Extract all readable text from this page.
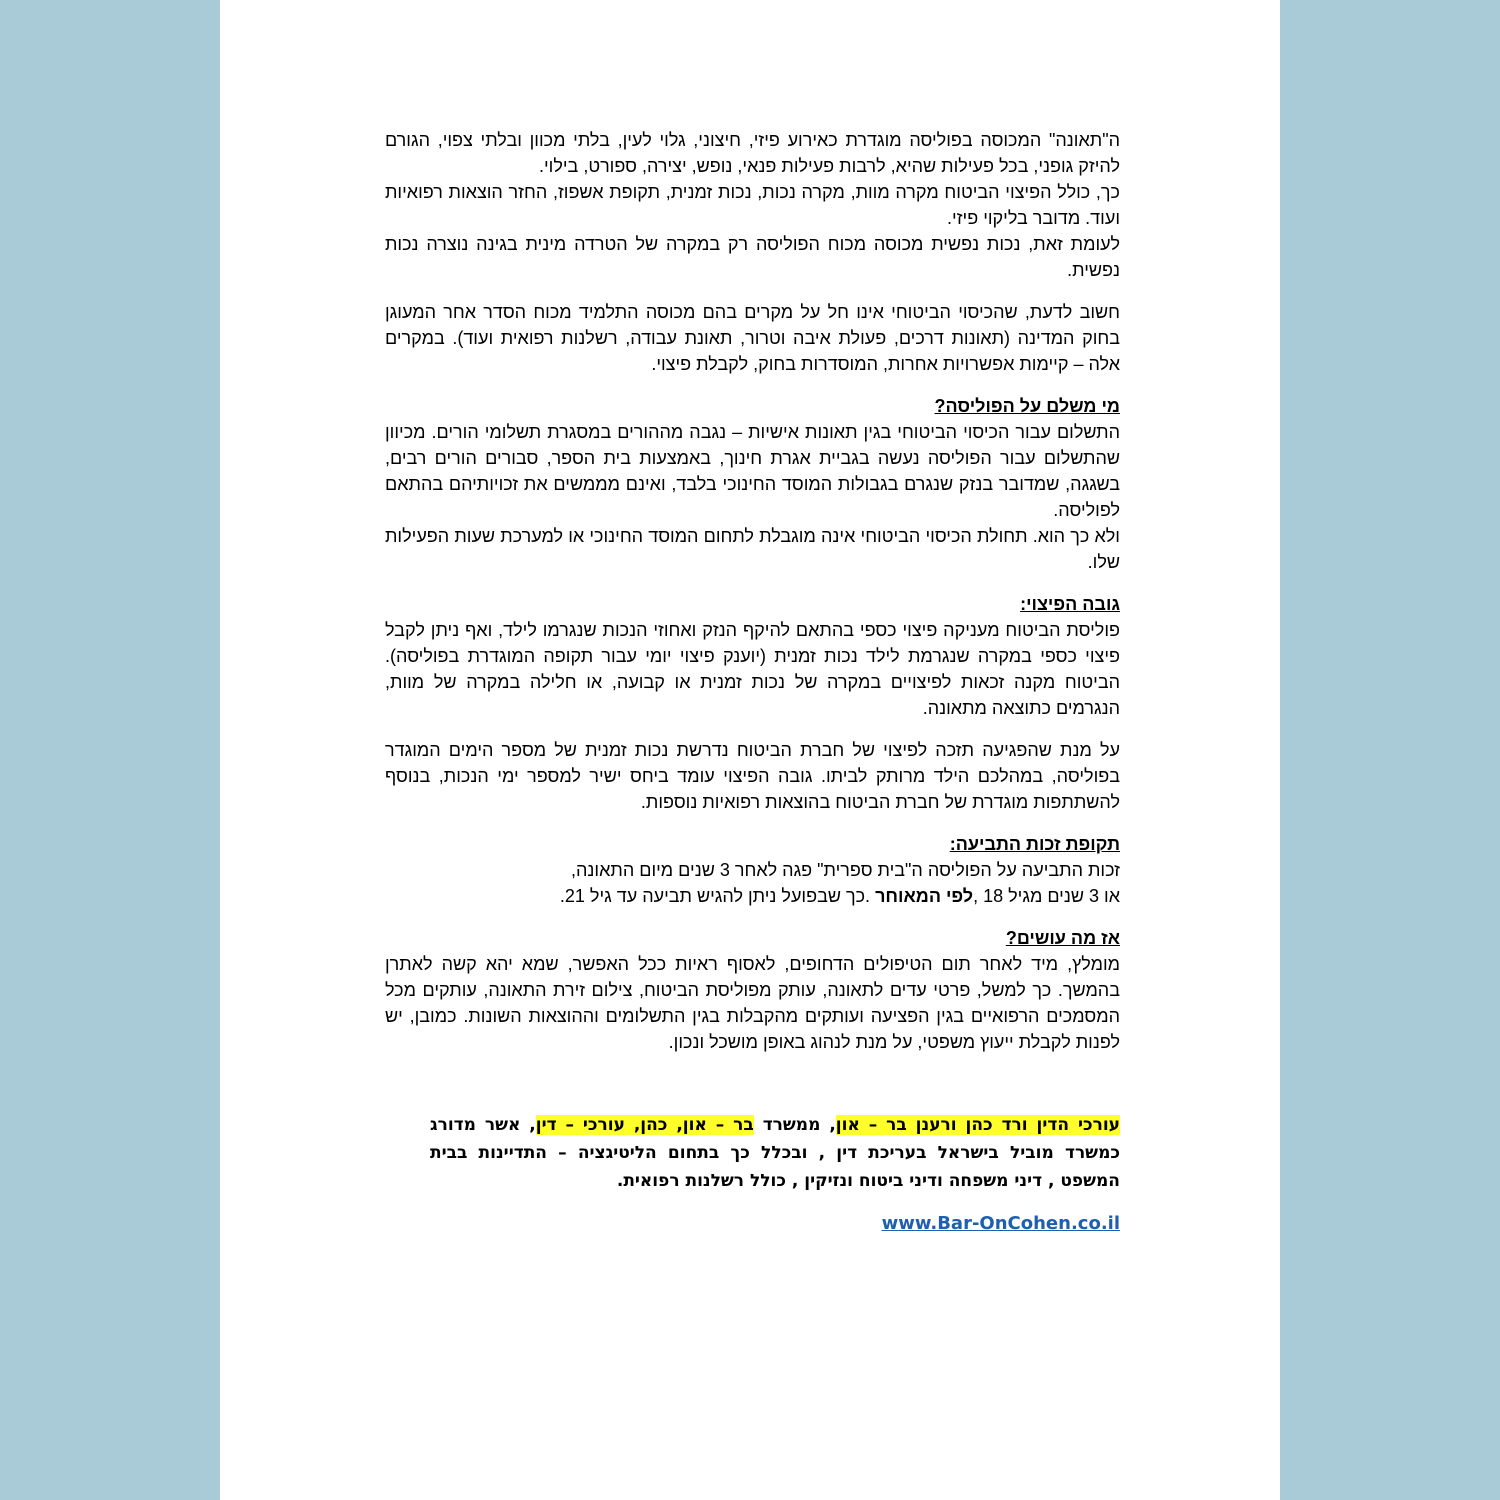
ה"תאונה" המכוסה בפוליסה מוגדרת כאירוע פיזי, חיצוני, גלוי לעין, בלתי מכוון ובלתי צפוי, הגורם להיזק גופני, בכל פעילות שהיא, לרבות פעילות פנאי, נופש, יצירה, ספורט, בילוי.

כך, כולל הפיצוי הביטוח מקרה מוות, מקרה נכות, נכות זמנית, תקופת אשפוז, החזר הוצאות רפואיות ועוד. מדובר בליקוי פיזי.

לעומת זאת, נכות נפשית מכוסה מכוח הפוליסה רק במקרה של הטרדה מינית בגינה נוצרה נכות נפשית.

חשוב לדעת, שהכיסוי הביטוחי אינו חל על מקרים בהם מכוסה התלמיד מכוח הסדר אחר המעוגן בחוק המדינה (תאונות דרכים, פעולת איבה וטרור, תאונת עבודה, רשלנות רפואית ועוד). במקרים אלה – קיימות אפשרויות אחרות, המוסדרות בחוק, לקבלת פיצוי.

מי משלם על הפוליסה?

התשלום עבור הכיסוי הביטוחי בגין תאונות אישיות – נגבה מההורים במסגרת תשלומי הורים. מכיוון שהתשלום עבור הפוליסה נעשה בגביית אגרת חינוך, באמצעות בית הספר, סבורים הורים רבים, בשגגה, שמדובר בנזק שנגרם בגבולות המוסד החינוכי בלבד, ואינם מממשים את זכויותיהם בהתאם לפוליסה.

ולא כך הוא. תחולת הכיסוי הביטוחי אינה מוגבלת לתחום המוסד החינוכי או למערכת שעות הפעילות שלו.

גובה הפיצוי:

פוליסת הביטוח מעניקה פיצוי כספי בהתאם להיקף הנזק ואחוזי הנכות שנגרמו לילד, ואף ניתן לקבל פיצוי כספי במקרה שנגרמת לילד נכות זמנית (יוענק פיצוי יומי עבור תקופה המוגדרת בפוליסה). הביטוח מקנה זכאות לפיצויים במקרה של נכות זמנית או קבועה, או חלילה במקרה של מוות, הנגרמים כתוצאה מתאונה.

על מנת שהפגיעה תזכה לפיצוי של חברת הביטוח נדרשת נכות זמנית של מספר הימים המוגדר בפוליסה, במהלכם הילד מרותק לביתו. גובה הפיצוי עומד ביחס ישיר למספר ימי הנכות, בנוסף להשתתפות מוגדרת של חברת הביטוח בהוצאות רפואיות נוספות.

תקופת זכות התביעה:

זכות התביעה על הפוליסה ה"בית ספרית" פגה לאחר 3 שנים מיום התאונה,

או 3 שנים מגיל 18 ,לפי המאוחר .כך שבפועל ניתן להגיש תביעה עד גיל 21.

אז מה עושים?

מומלץ, מיד לאחר תום הטיפולים הדחופים, לאסוף ראיות ככל האפשר, שמא יהא קשה לאתרן בהמשך. כך למשל, פרטי עדים לתאונה, עותק מפוליסת הביטוח, צילום זירת התאונה, עותקים מכל המסמכים הרפואיים בגין הפציעה ועותקים מהקבלות בגין התשלומים וההוצאות השונות. כמובן, יש לפנות לקבלת ייעוץ משפטי, על מנת לנהוג באופן מושכל ונכון.

עורכי הדין ורד כהן ורענן בר – און, ממשרד בר – און, כהן, עורכי – דין, אשר מדורג כמשרד מוביל בישראל בעריכת דין , ובכלל כך בתחום הליטיגציה – התדיינות בבית המשפט , דיני משפחה ודיני ביטוח ונזיקין , כולל רשלנות רפואית.

www.Bar-OnCohen.co.il
